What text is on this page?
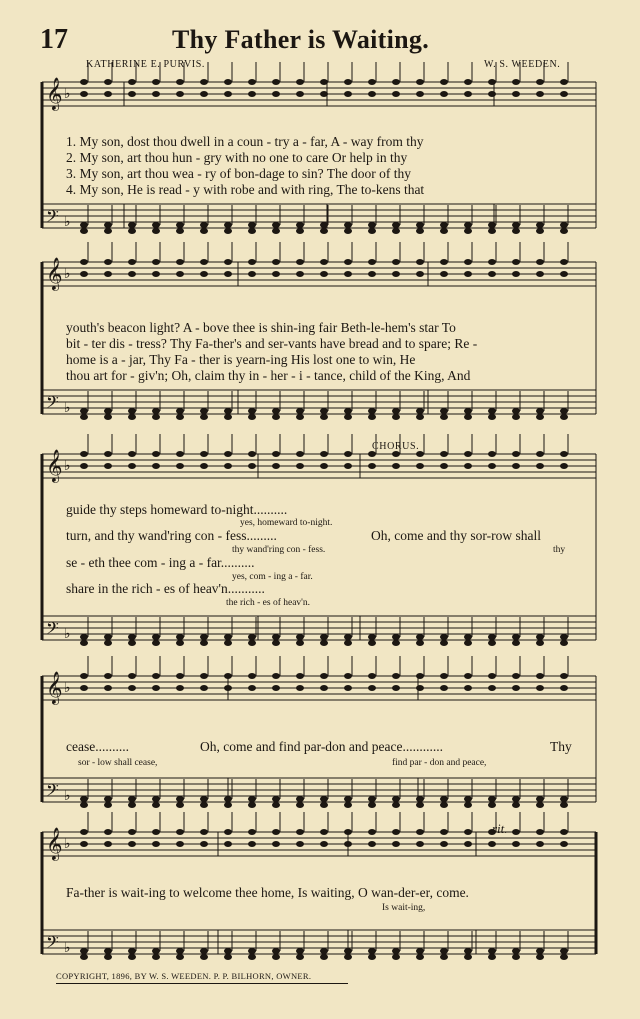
17	Thy Father is Waiting.
KATHERINE E. PURVIS.	W. S. WEEDEN.
𝄞 ♭
𝄢 ♭
𝄞 ♭
𝄢 ♭
𝄞 ♭
𝄢 ♭
𝄞 ♭
𝄢 ♭
𝄞 ♭
𝄢 ♭
1. My son, dost thou dwell in a coun - try a - far, A - way from thy
2. My son, art thou hun - gry with no one to care Or help in thy
3. My son, art thou wea - ry of bon-dage to sin? The door of thy
4. My son, He is read - y with robe and with ring, The to-kens that
youth's beacon light? A - bove thee is shin-ing fair Beth-le-hem's star To
bit - ter dis - tress? Thy Fa-ther's and ser-vants have bread and to spare; Re -
home is a - jar, Thy Fa - ther is yearn-ing His lost one to win, He
thou art for - giv'n; Oh, claim thy in - her - i - tance, child of the King, And
CHORUS.
guide thy steps homeward to-night..........
yes, homeward to-night.
turn, and thy wand'ring con - fess.........	Oh, come and thy sor-row shall
thy wand'ring con - fess.	thy
se - eth thee com - ing a - far..........
yes, com - ing a - far.
share in the rich - es of heav'n...........
the rich - es of heav'n.
cease..........	Oh, come and find par-don and peace............	Thy
sor - low shall cease,	find par - don and peace,
rit.
Fa-ther is wait-ing to welcome thee home, Is waiting, O wan-der-er, come.
Is wait-ing,
COPYRIGHT, 1896, BY W. S. WEEDEN. P. P. BILHORN, OWNER.
